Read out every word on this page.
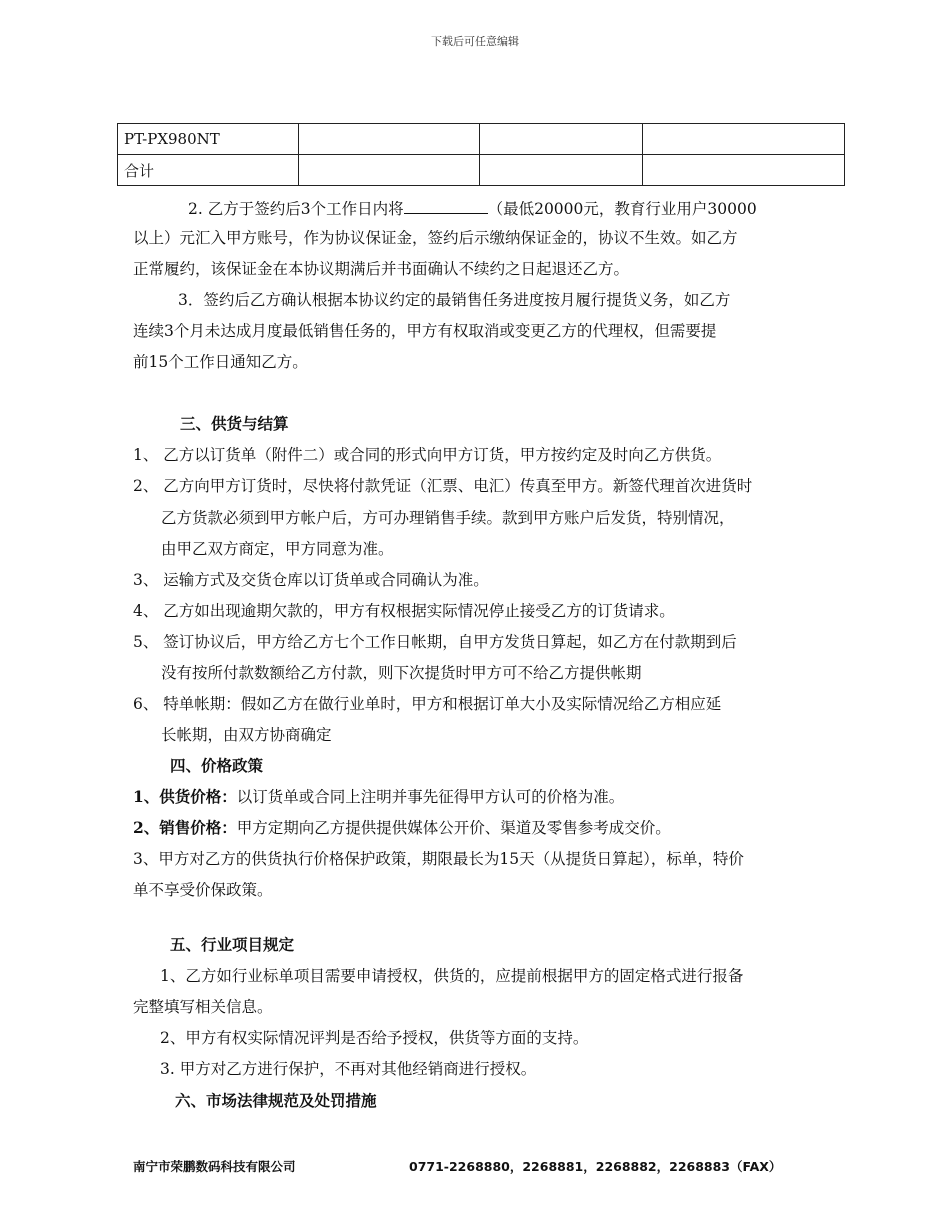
下载后可任意编辑
PT-PX980NT			
合计			
2. 乙方于签约后3个工作日内将	（最低20000元，教育行业用户30000
以上）元汇入甲方账号，作为协议保证金，签约后示缴纳保证金的，协议不生效。如乙方
正常履约，该保证金在本协议期满后并书面确认不续约之日起退还乙方。
3．签约后乙方确认根据本协议约定的最销售任务进度按月履行提货义务，如乙方
连续3个月未达成月度最低销售任务的，甲方有权取消或变更乙方的代理权，但需要提
前15个工作日通知乙方。
三、供货与结算
1、 乙方以订货单（附件二）或合同的形式向甲方订货，甲方按约定及时向乙方供货。
2、 乙方向甲方订货时，尽快将付款凭证（汇票、电汇）传真至甲方。新签代理首次进货时
乙方货款必须到甲方帐户后，方可办理销售手续。款到甲方账户后发货，特别情况，
由甲乙双方商定，甲方同意为准。
3、 运输方式及交货仓库以订货单或合同确认为准。
4、 乙方如出现逾期欠款的，甲方有权根据实际情况停止接受乙方的订货请求。
5、 签订协议后，甲方给乙方七个工作日帐期，自甲方发货日算起，如乙方在付款期到后
没有按所付款数额给乙方付款，则下次提货时甲方可不给乙方提供帐期
6、 特单帐期：假如乙方在做行业单时，甲方和根据订单大小及实际情况给乙方相应延
长帐期，由双方协商确定
四、价格政策
1、供货价格：以订货单或合同上注明并事先征得甲方认可的价格为准。
2、销售价格：甲方定期向乙方提供提供媒体公开价、渠道及零售参考成交价。
3、甲方对乙方的供货执行价格保护政策，期限最长为15天（从提货日算起），标单，特价
单不享受价保政策。
五、行业项目规定
1、乙方如行业标单项目需要申请授权，供货的，应提前根据甲方的固定格式进行报备
完整填写相关信息。
2、甲方有权实际情况评判是否给予授权，供货等方面的支持。
3. 甲方对乙方进行保护，不再对其他经销商进行授权。
六、市场法律规范及处罚措施
南宁市荣鹏数码科技有限公司	0771-2268880，2268881，2268882，2268883（FAX）
